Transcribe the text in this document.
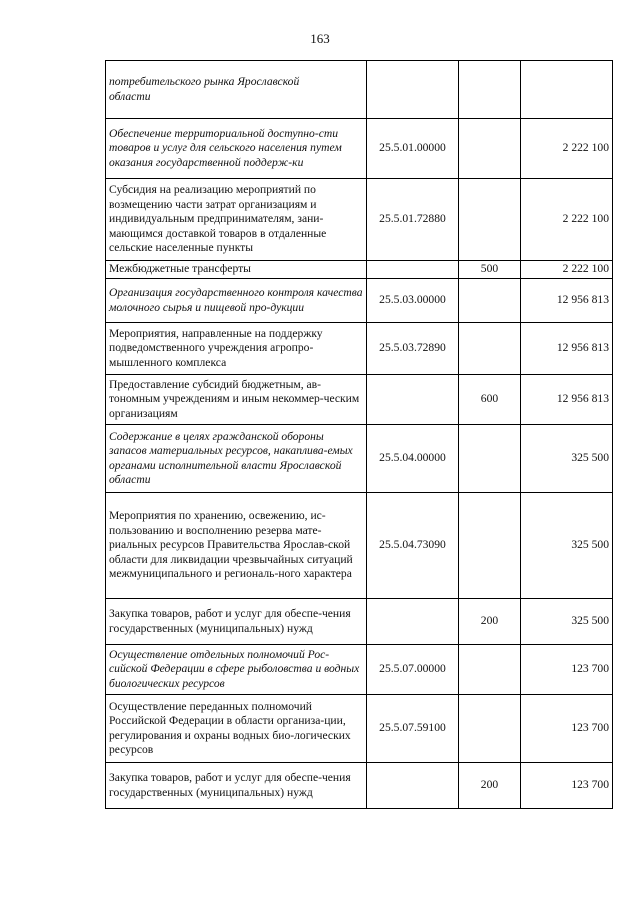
163
потребительского рынка Ярославской
области			

Обеспечение территориальной доступно-сти товаров и услуг для сельского населения путем оказания государственной поддерж-ки	25.5.01.00000		2 222 100

Субсидия на реализацию мероприятий по возмещению части затрат организациям и индивидуальным предпринимателям, зани-мающимся доставкой товаров в отдаленные сельские населенные пункты	25.5.01.72880		2 222 100

Межбюджетные трансферты		500	2 222 100

Организация государственного контроля качества молочного сырья и пищевой про-дукции	25.5.03.00000		12 956 813

Мероприятия, направленные на поддержку подведомственного учреждения агропро-мышленного комплекса	25.5.03.72890		12 956 813

Предоставление субсидий бюджетным, ав-тономным учреждениям и иным некоммер-ческим организациям		600	12 956 813

Содержание в целях гражданской обороны запасов материальных ресурсов, накаплива-емых органами исполнительной власти Ярославской области	25.5.04.00000		325 500

Мероприятия по хранению, освежению, ис-пользованию и восполнению резерва мате-риальных ресурсов Правительства Ярослав-ской области для ликвидации чрезвычайных ситуаций межмуниципального и региональ-ного характера	25.5.04.73090		325 500

Закупка товаров, работ и услуг для обеспе-чения государственных (муниципальных) нужд		200	325 500

Осуществление отдельных полномочий Рос-сийской Федерации в сфере рыболовства и водных биологических ресурсов	25.5.07.00000		123 700

Осуществление переданных полномочий Российской Федерации в области организа-ции, регулирования и охраны водных био-логических ресурсов	25.5.07.59100		123 700

Закупка товаров, работ и услуг для обеспе-чения государственных (муниципальных) нужд		200	123 700
